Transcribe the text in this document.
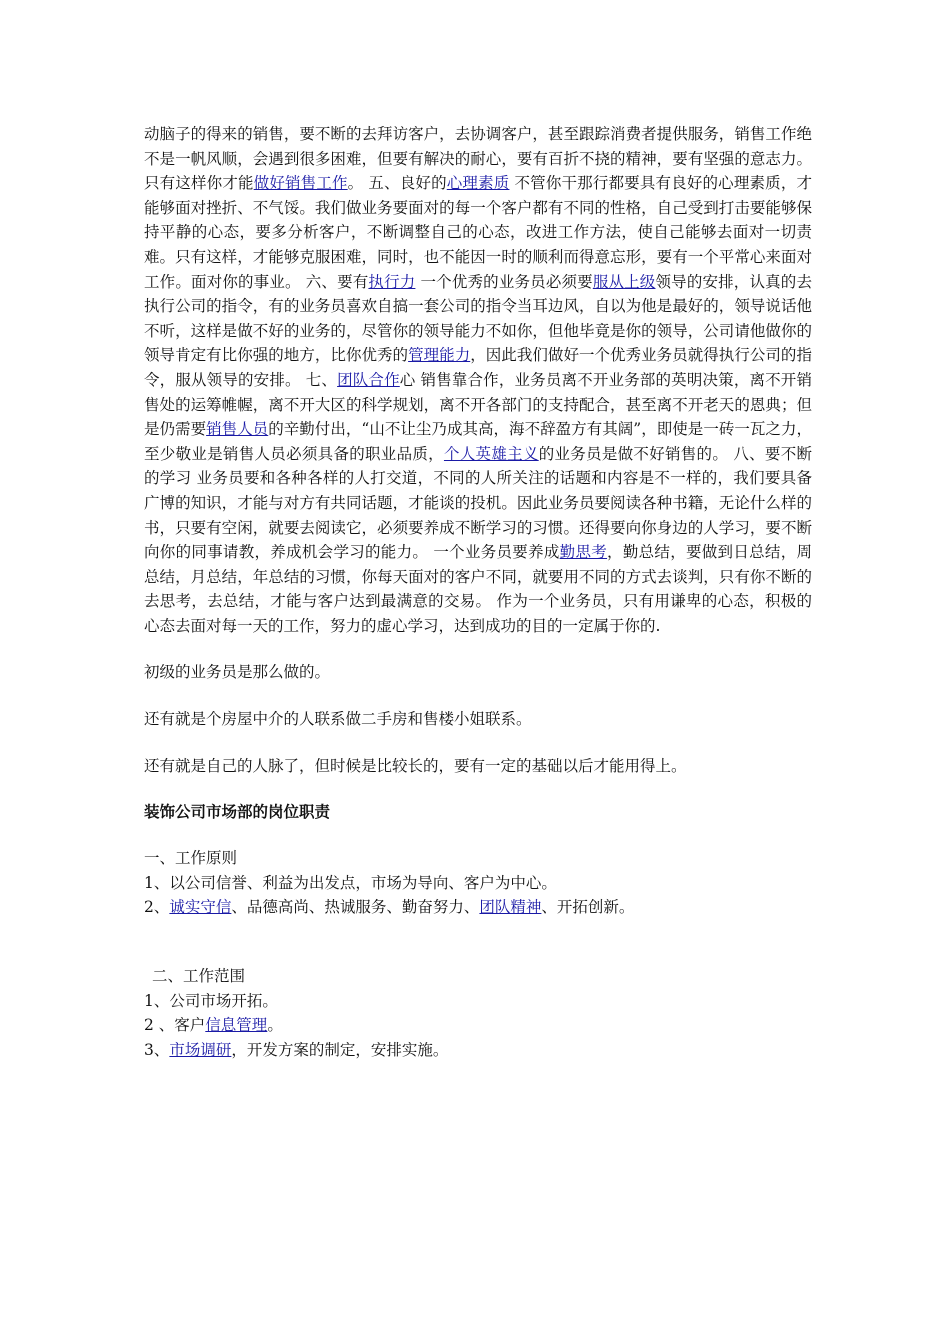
动脑子的得来的销售，要不断的去拜访客户，去协调客户，甚至跟踪消费者提供服务，销售工作绝不是一帆风顺，会遇到很多困难，但要有解决的耐心，要有百折不挠的精神，要有坚强的意志力。只有这样你才能做好销售工作。 五、良好的心理素质 不管你干那行都要具有良好的心理素质，才能够面对挫折、不气馁。我们做业务要面对的每一个客户都有不同的性格，自己受到打击要能够保持平静的心态，要多分析客户，不断调整自己的心态，改进工作方法，使自己能够去面对一切责难。只有这样，才能够克服困难，同时，也不能因一时的顺利而得意忘形，要有一个平常心来面对工作。面对你的事业。 六、要有执行力 一个优秀的业务员必须要服从上级领导的安排，认真的去执行公司的指令，有的业务员喜欢自搞一套公司的指令当耳边风，自以为他是最好的，领导说话他不听，这样是做不好的业务的，尽管你的领导能力不如你，但他毕竟是你的领导，公司请他做你的领导肯定有比你强的地方，比你优秀的管理能力，因此我们做好一个优秀业务员就得执行公司的指令，服从领导的安排。 七、团队合作心 销售靠合作，业务员离不开业务部的英明决策，离不开销售处的运筹帷幄，离不开大区的科学规划，离不开各部门的支持配合，甚至离不开老天的恩典；但是仍需要销售人员的辛勤付出，“山不让尘乃成其高，海不辞盈方有其阔”，即使是一砖一瓦之力，至少敬业是销售人员必须具备的职业品质，个人英雄主义的业务员是做不好销售的。 八、要不断的学习 业务员要和各种各样的人打交道，不同的人所关注的话题和内容是不一样的，我们要具备广博的知识，才能与对方有共同话题，才能谈的投机。因此业务员要阅读各种书籍，无论什么样的书，只要有空闲，就要去阅读它，必须要养成不断学习的习惯。还得要向你身边的人学习，要不断向你的同事请教，养成机会学习的能力。 一个业务员要养成勤思考，勤总结，要做到日总结，周总结，月总结，年总结的习惯，你每天面对的客户不同，就要用不同的方式去谈判，只有你不断的去思考，去总结，才能与客户达到最满意的交易。 作为一个业务员，只有用谦卑的心态，积极的心态去面对每一天的工作，努力的虚心学习，达到成功的目的一定属于你的.

初级的业务员是那么做的。

还有就是个房屋中介的人联系做二手房和售楼小姐联系。

还有就是自己的人脉了，但时候是比较长的，要有一定的基础以后才能用得上。

装饰公司市场部的岗位职责

一、工作原则

1、以公司信誉、利益为出发点，市场为导向、客户为中心。

2、诚实守信、品德高尚、热诚服务、勤奋努力、团队精神、开拓创新。

二、工作范围

1、公司市场开拓。

2 、客户信息管理。

3、市场调研，开发方案的制定，安排实施。
